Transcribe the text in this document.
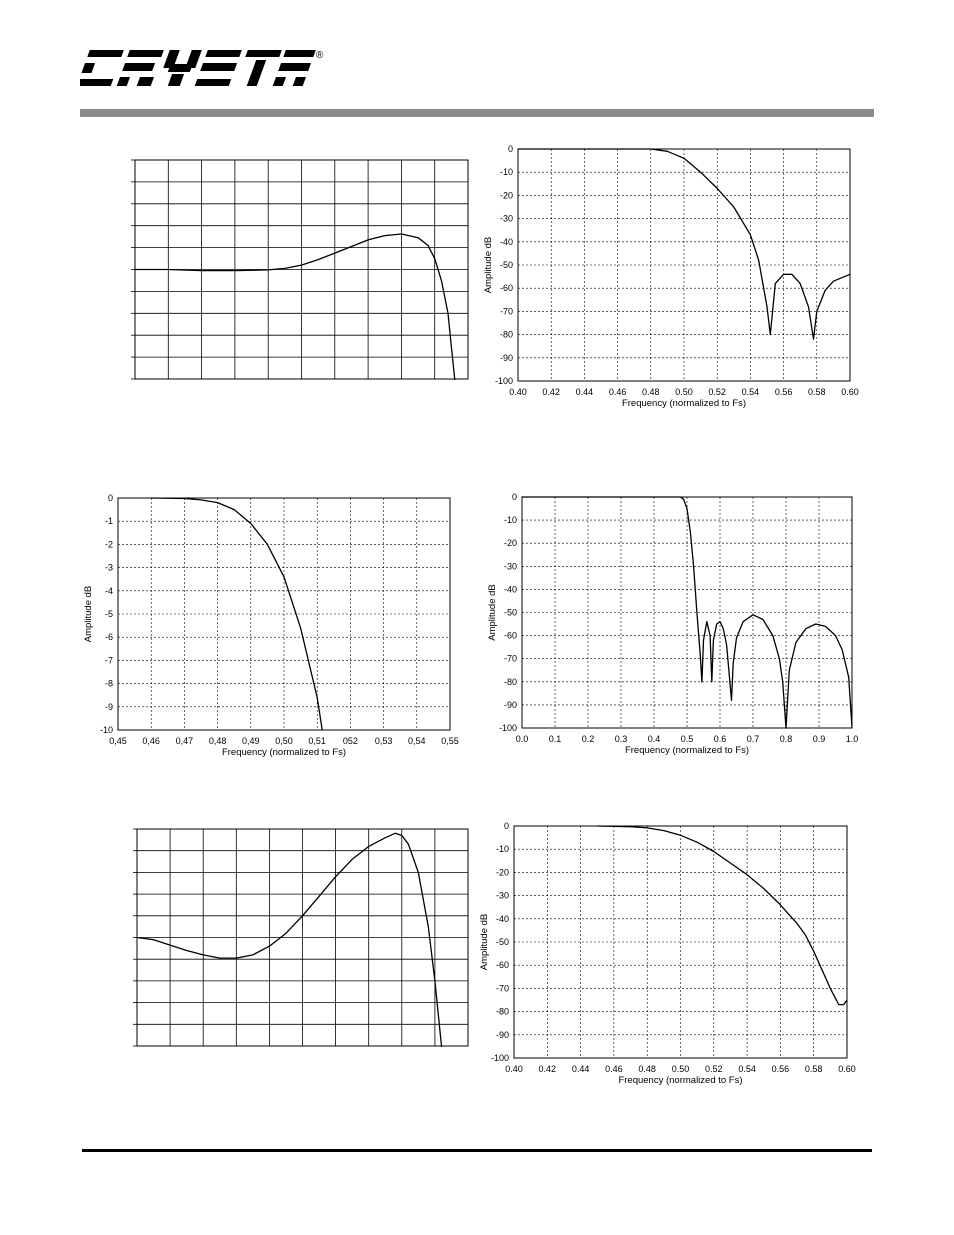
®
0.40 0.42 0.44 0.46 0.48 0.50 0.52 0.54 0.56 0.58 0.60
0
-10
-20
-30
-40
-50
-60
-70
-80
-90
-100
Frequency (normalized to Fs)
Amplitude dB
0,45 0,46 0,47 0,48 0,49 0,50 0,51 052 0,53 0,54 0,55
0
-1
-2
-3
-4
-5
-6
-7
-8
-9
-10
Frequency (normalized to Fs)
Amplitude dB
0.0 0.1 0.2 0.3 0.4 0.5 0.6 0.7 0.8 0.9 1.0
0
-10
-20
-30
-40
-50
-60
-70
-80
-90
-100
Frequency (normalized to Fs)
Amplitude dB
0.40 0.42 0.44 0.46 0.48 0.50 0.52 0.54 0.56 0.58 0.60
0
-10
-20
-30
-40
-50
-60
-70
-80
-90
-100
Frequency (normalized to Fs)
Amplitude dB
